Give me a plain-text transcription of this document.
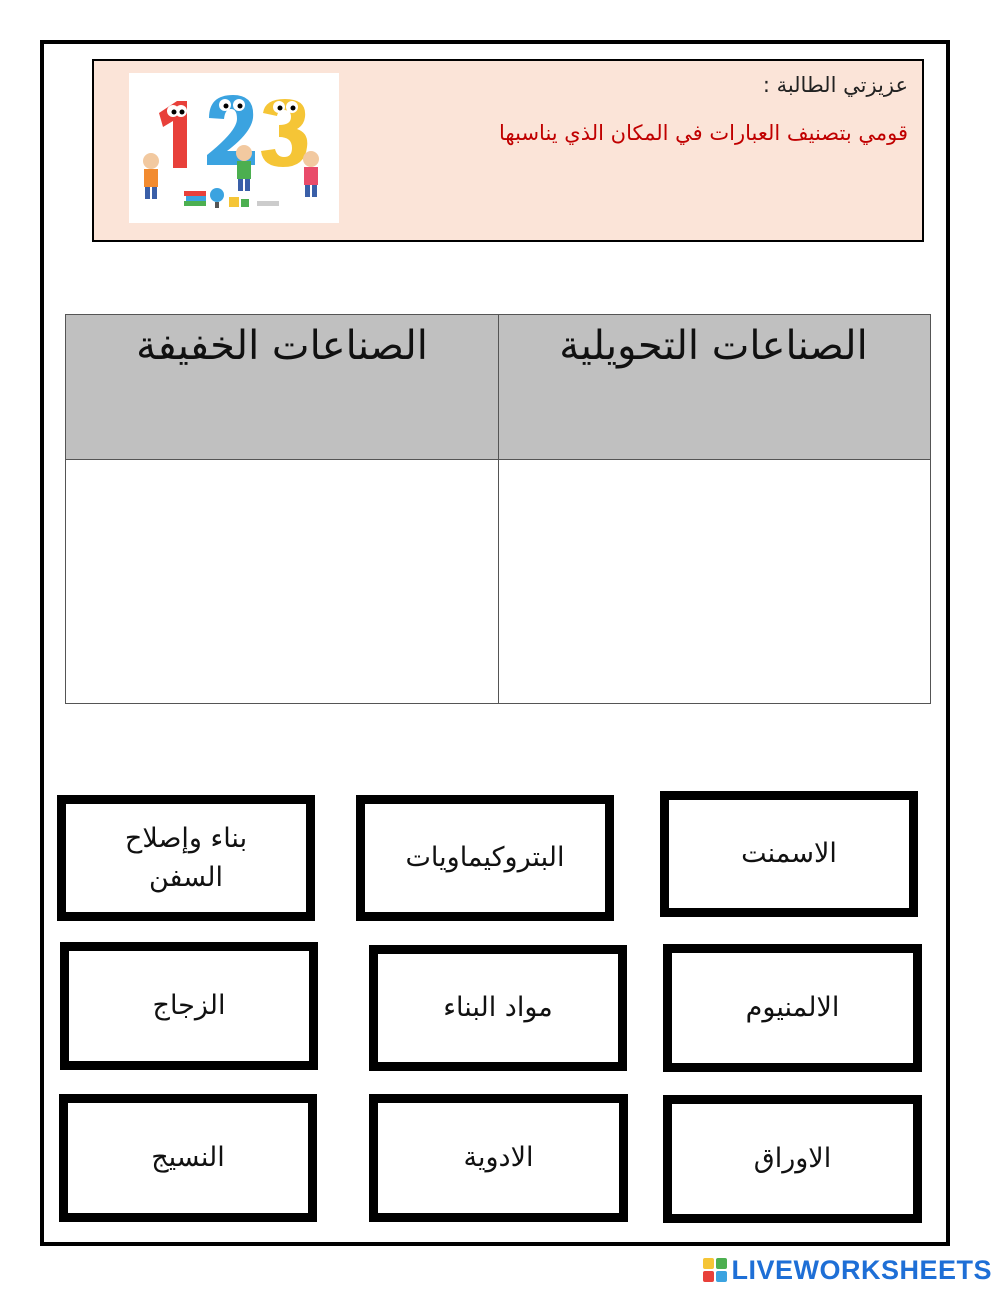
عزيزتي الطالبة :
قومي بتصنيف العبارات في المكان الذي يناسبها
الصناعات التحويلية
الصناعات الخفيفة
بناء وإصلاح السفن
البتروكيماويات	الاسمنت
الزجاج	مواد البناء	الالمنيوم
النسيج	الادوية	الاوراق
LIVEWORKSHEETS
